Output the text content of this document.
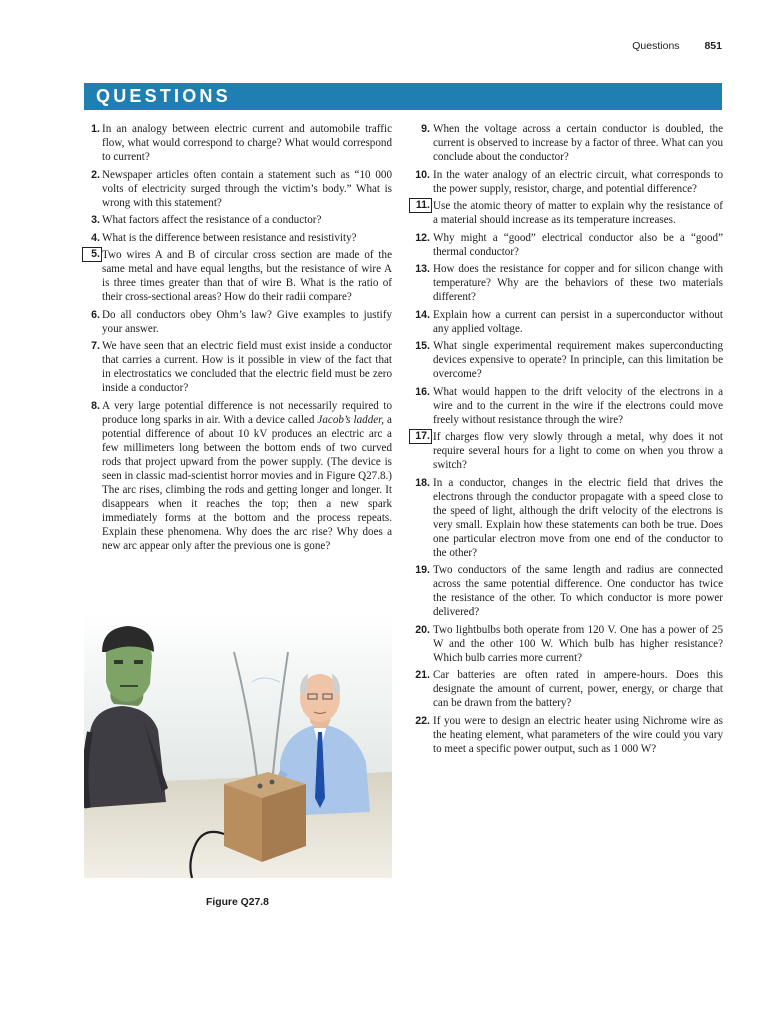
Questions 851
QUESTIONS
1. In an analogy between electric current and automobile traffic flow, what would correspond to charge? What would correspond to current?
2. Newspaper articles often contain a statement such as “10 000 volts of electricity surged through the victim’s body.” What is wrong with this statement?
3. What factors affect the resistance of a conductor?
4. What is the difference between resistance and resistivity?
5. Two wires A and B of circular cross section are made of the same metal and have equal lengths, but the resistance of wire A is three times greater than that of wire B. What is the ratio of their cross-sectional areas? How do their radii compare?
6. Do all conductors obey Ohm’s law? Give examples to justify your answer.
7. We have seen that an electric field must exist inside a conductor that carries a current. How is it possible in view of the fact that in electrostatics we concluded that the electric field must be zero inside a conductor?
8. A very large potential difference is not necessarily required to produce long sparks in air. With a device called Jacob’s ladder, a potential difference of about 10 kV produces an electric arc a few millimeters long between the bottom ends of two curved rods that project upward from the power supply. (The device is seen in classic mad-scientist horror movies and in Figure Q27.8.) The arc rises, climbing the rods and getting longer and longer. It disappears when it reaches the top; then a new spark immediately forms at the bottom and the process repeats. Explain these phenomena. Why does the arc rise? Why does a new arc appear only after the previous one is gone?
9. When the voltage across a certain conductor is doubled, the current is observed to increase by a factor of three. What can you conclude about the conductor?
10. In the water analogy of an electric circuit, what corresponds to the power supply, resistor, charge, and potential difference?
11. Use the atomic theory of matter to explain why the resistance of a material should increase as its temperature increases.
12. Why might a “good” electrical conductor also be a “good” thermal conductor?
13. How does the resistance for copper and for silicon change with temperature? Why are the behaviors of these two materials different?
14. Explain how a current can persist in a superconductor without any applied voltage.
15. What single experimental requirement makes superconducting devices expensive to operate? In principle, can this limitation be overcome?
16. What would happen to the drift velocity of the electrons in a wire and to the current in the wire if the electrons could move freely without resistance through the wire?
17. If charges flow very slowly through a metal, why does it not require several hours for a light to come on when you throw a switch?
18. In a conductor, changes in the electric field that drives the electrons through the conductor propagate with a speed close to the speed of light, although the drift velocity of the electrons is very small. Explain how these statements can both be true. Does one particular electron move from one end of the conductor to the other?
19. Two conductors of the same length and radius are connected across the same potential difference. One conductor has twice the resistance of the other. To which conductor is more power delivered?
20. Two lightbulbs both operate from 120 V. One has a power of 25 W and the other 100 W. Which bulb has higher resistance? Which bulb carries more current?
21. Car batteries are often rated in ampere-hours. Does this designate the amount of current, power, energy, or charge that can be drawn from the battery?
22. If you were to design an electric heater using Nichrome wire as the heating element, what parameters of the wire could you vary to meet a specific power output, such as 1 000 W?
Figure Q27.8
